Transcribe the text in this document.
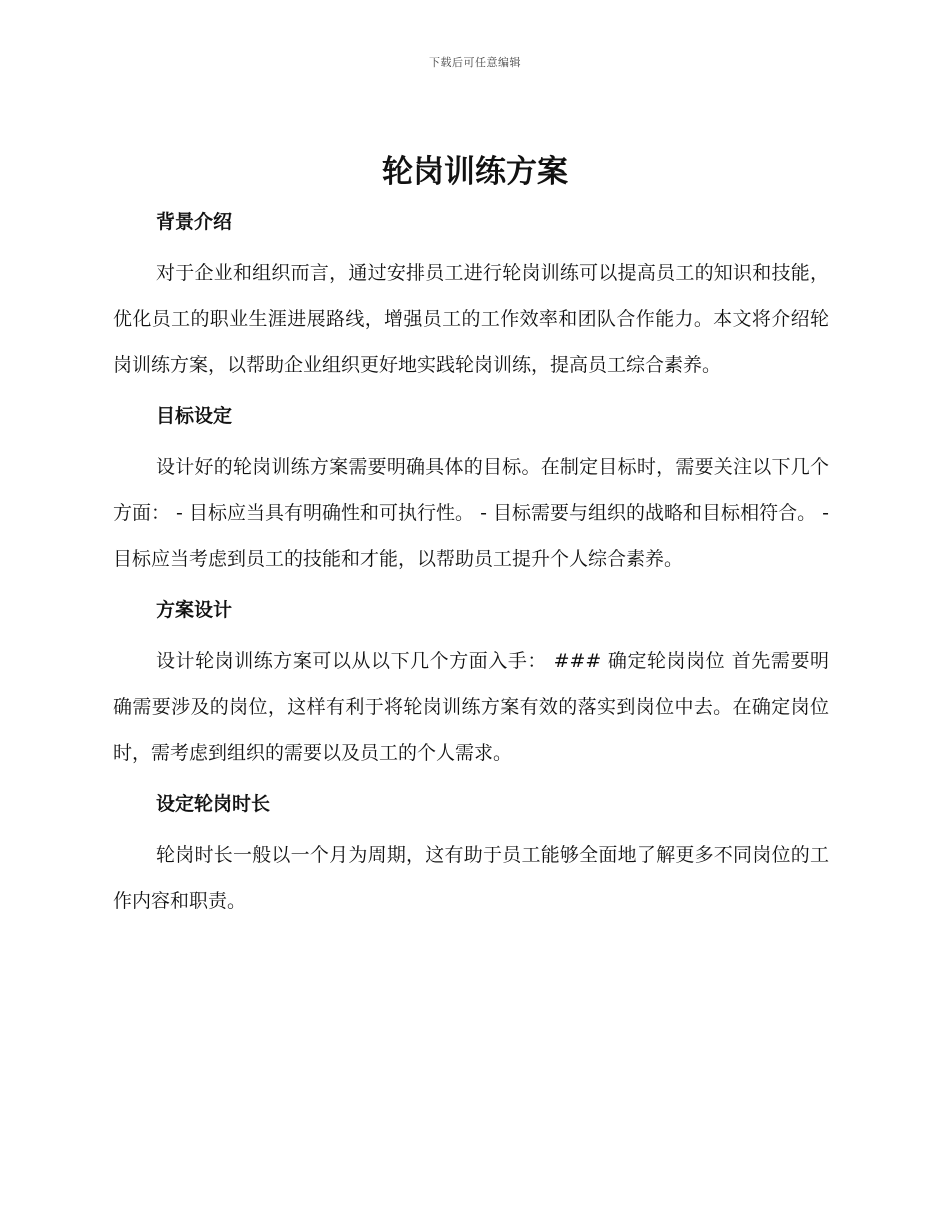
下载后可任意编辑
轮岗训练方案
背景介绍

对于企业和组织而言，通过安排员工进行轮岗训练可以提高员工的知识和技能，优化员工的职业生涯进展路线，增强员工的工作效率和团队合作能力。本文将介绍轮岗训练方案，以帮助企业组织更好地实践轮岗训练，提高员工综合素养。

目标设定

设计好的轮岗训练方案需要明确具体的目标。在制定目标时，需要关注以下几个方面： - 目标应当具有明确性和可执行性。 - 目标需要与组织的战略和目标相符合。 - 目标应当考虑到员工的技能和才能，以帮助员工提升个人综合素养。

方案设计

设计轮岗训练方案可以从以下几个方面入手： ### 确定轮岗岗位 首先需要明确需要涉及的岗位，这样有利于将轮岗训练方案有效的落实到岗位中去。在确定岗位时，需考虑到组织的需要以及员工的个人需求。

设定轮岗时长

轮岗时长一般以一个月为周期，这有助于员工能够全面地了解更多不同岗位的工作内容和职责。
